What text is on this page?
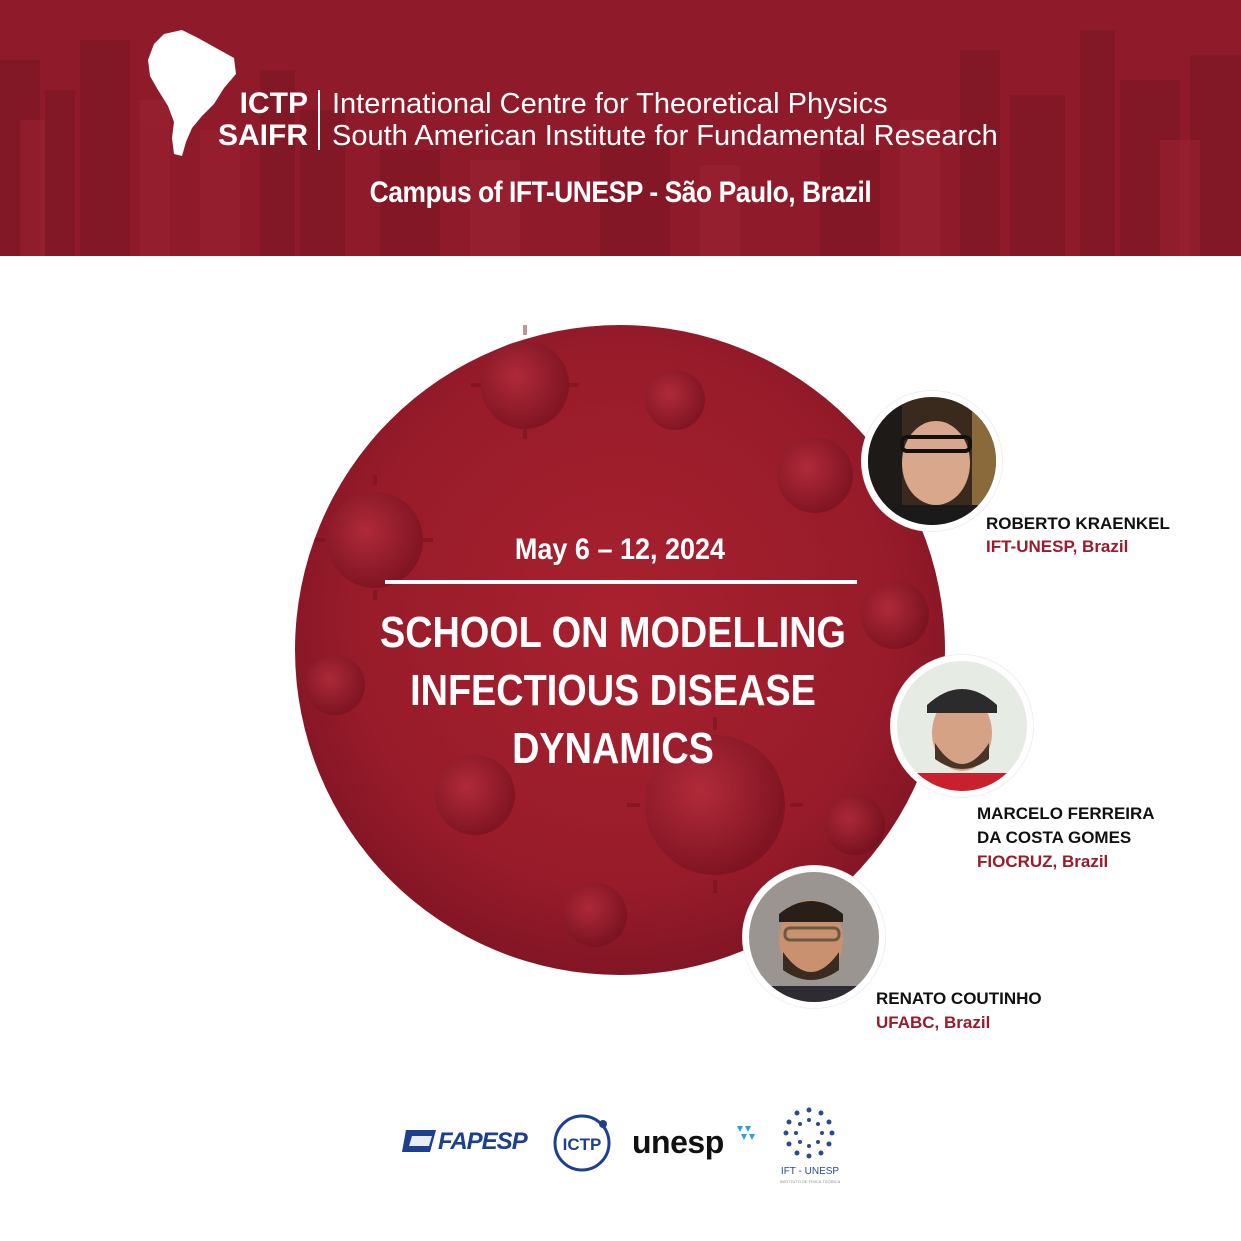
ICTP
SAIFR
International Centre for Theoretical Physics
South American Institute for Fundamental Research
Campus of IFT-UNESP - São Paulo, Brazil
May 6 – 12, 2024
SCHOOL ON MODELLING
INFECTIOUS DISEASE
DYNAMICS
ROBERTO KRAENKEL
IFT-UNESP, Brazil
MARCELO FERREIRA
DA COSTA GOMES
FIOCRUZ, Brazil
RENATO COUTINHO
UFABC, Brazil
FAPESP ICTP unesp
IFT - UNESP
INSTITUTO DE FÍSICA TEÓRICA
